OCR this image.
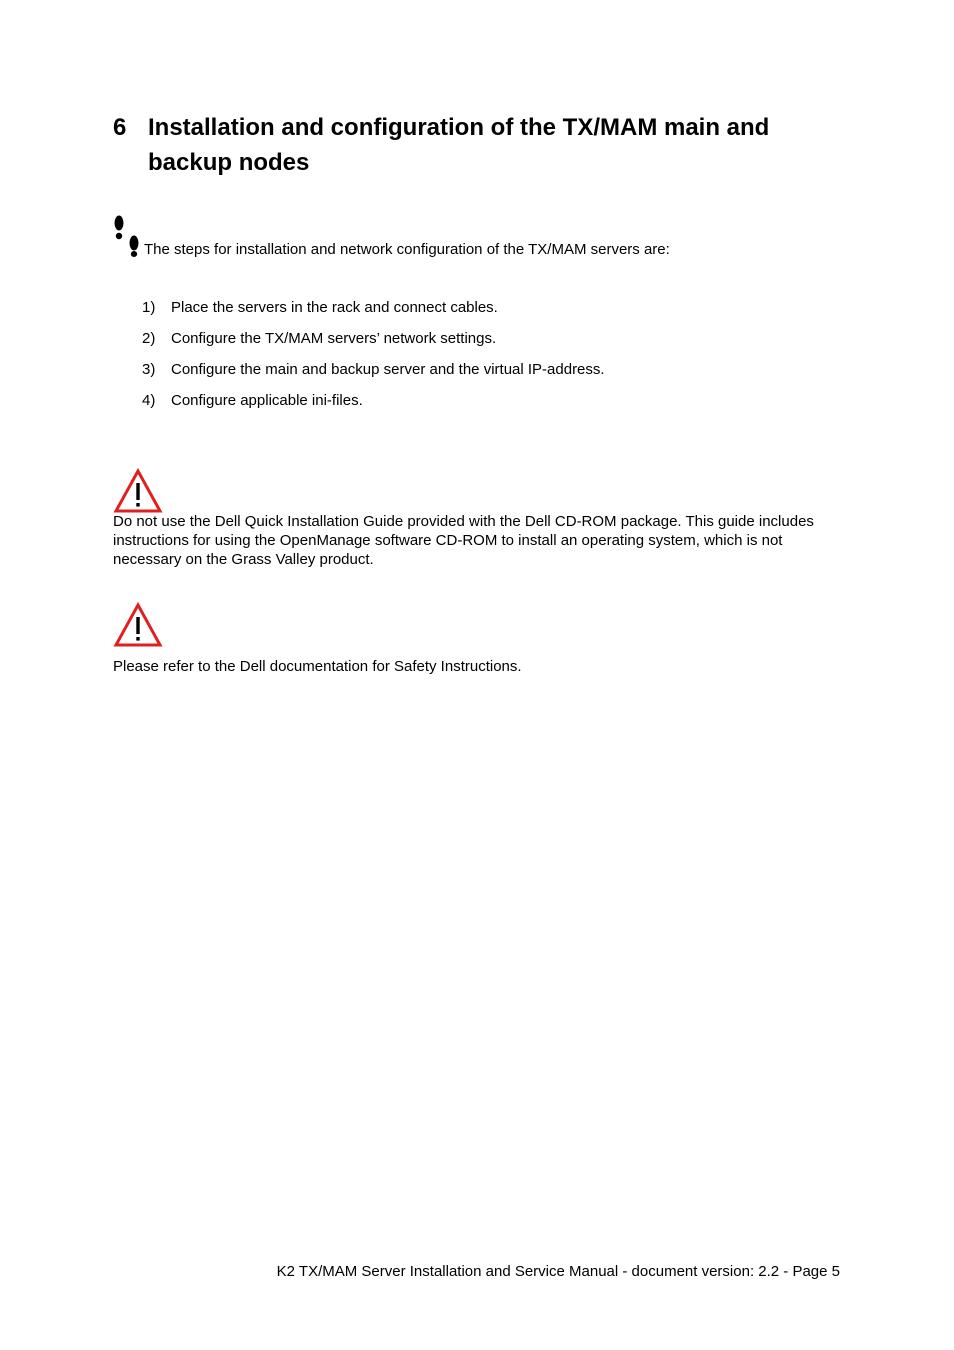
6 Installation and configuration of the TX/MAM main and backup nodes
The steps for installation and network configuration of the TX/MAM servers are:
1) Place the servers in the rack and connect cables.
2) Configure the TX/MAM servers’ network settings.
3) Configure the main and backup server and the virtual IP-address.
4) Configure applicable ini-files.
Do not use the Dell Quick Installation Guide provided with the Dell CD-ROM package. This guide includes instructions for using the OpenManage software CD-ROM to install an operating system, which is not necessary on the Grass Valley product.
Please refer to the Dell documentation for Safety Instructions.
K2 TX/MAM Server Installation and Service Manual - document version: 2.2 - Page 5
